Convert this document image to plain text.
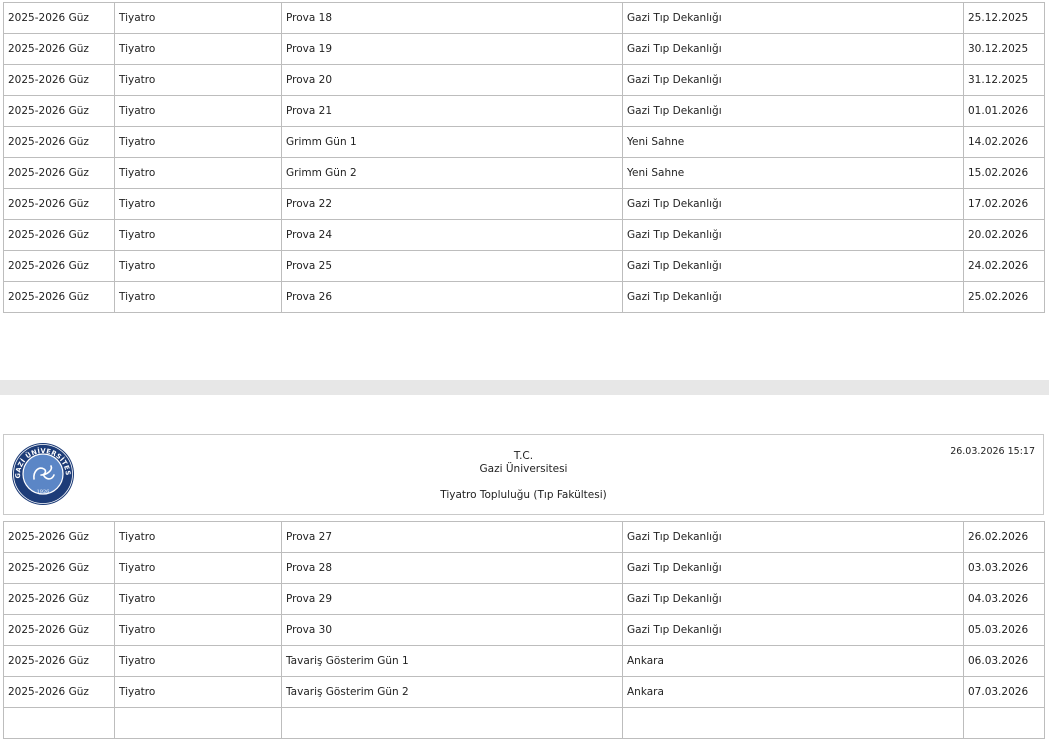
2025-2026 Güz	Tiyatro	Prova 18	Gazi Tıp Dekanlığı	25.12.2025
2025-2026 Güz	Tiyatro	Prova 19	Gazi Tıp Dekanlığı	30.12.2025
2025-2026 Güz	Tiyatro	Prova 20	Gazi Tıp Dekanlığı	31.12.2025
2025-2026 Güz	Tiyatro	Prova 21	Gazi Tıp Dekanlığı	01.01.2026
2025-2026 Güz	Tiyatro	Grimm Gün 1	Yeni Sahne	14.02.2026
2025-2026 Güz	Tiyatro	Grimm Gün 2	Yeni Sahne	15.02.2026
2025-2026 Güz	Tiyatro	Prova 22	Gazi Tıp Dekanlığı	17.02.2026
2025-2026 Güz	Tiyatro	Prova 24	Gazi Tıp Dekanlığı	20.02.2026
2025-2026 Güz	Tiyatro	Prova 25	Gazi Tıp Dekanlığı	24.02.2026
2025-2026 Güz	Tiyatro	Prova 26	Gazi Tıp Dekanlığı	25.02.2026
GAZİ ÜNİVERSİTES
1926
T.C.
Gazi Üniversitesi
Tiyatro Topluluğu (Tıp Fakültesi)
26.03.2026 15:17
2025-2026 Güz	Tiyatro	Prova 27	Gazi Tıp Dekanlığı	26.02.2026
2025-2026 Güz	Tiyatro	Prova 28	Gazi Tıp Dekanlığı	03.03.2026
2025-2026 Güz	Tiyatro	Prova 29	Gazi Tıp Dekanlığı	04.03.2026
2025-2026 Güz	Tiyatro	Prova 30	Gazi Tıp Dekanlığı	05.03.2026
2025-2026 Güz	Tiyatro	Tavariş Gösterim Gün 1	Ankara	06.03.2026
2025-2026 Güz	Tiyatro	Tavariş Gösterim Gün 2	Ankara	07.03.2026
